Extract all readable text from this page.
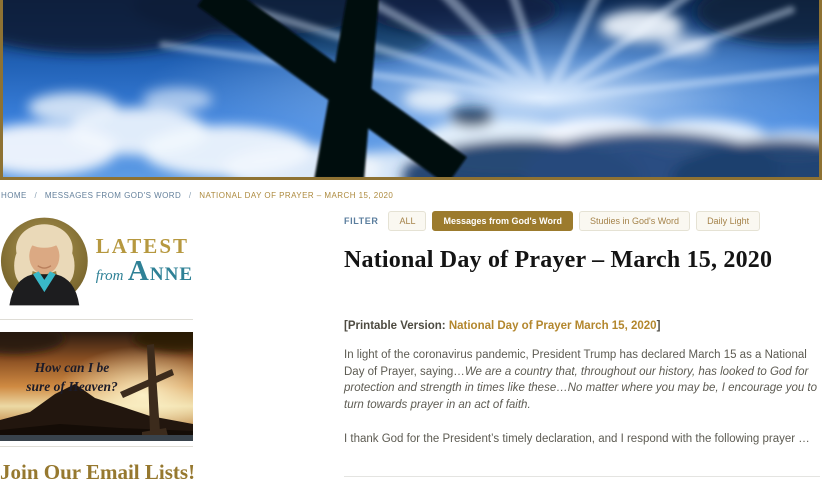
HOME / MESSAGES FROM GOD'S WORD / NATIONAL DAY OF PRAYER – MARCH 15, 2020
LATEST
from ANNE
How can I be
sure of Heaven?
Join Our Email Lists!
FILTER	ALL	Messages from God's Word	Studies in God's Word	Daily Light
National Day of Prayer – March 15, 2020

[Printable Version: National Day of Prayer March 15, 2020]

In light of the coronavirus pandemic, President Trump has declared March 15 as a National Day of Prayer, saying…We are a country that, throughout our history, has looked to God for protection and strength in times like these…No matter where you may be, I encourage you to turn towards prayer in an act of faith.

I thank God for the President’s timely declaration, and I respond with the following prayer …
